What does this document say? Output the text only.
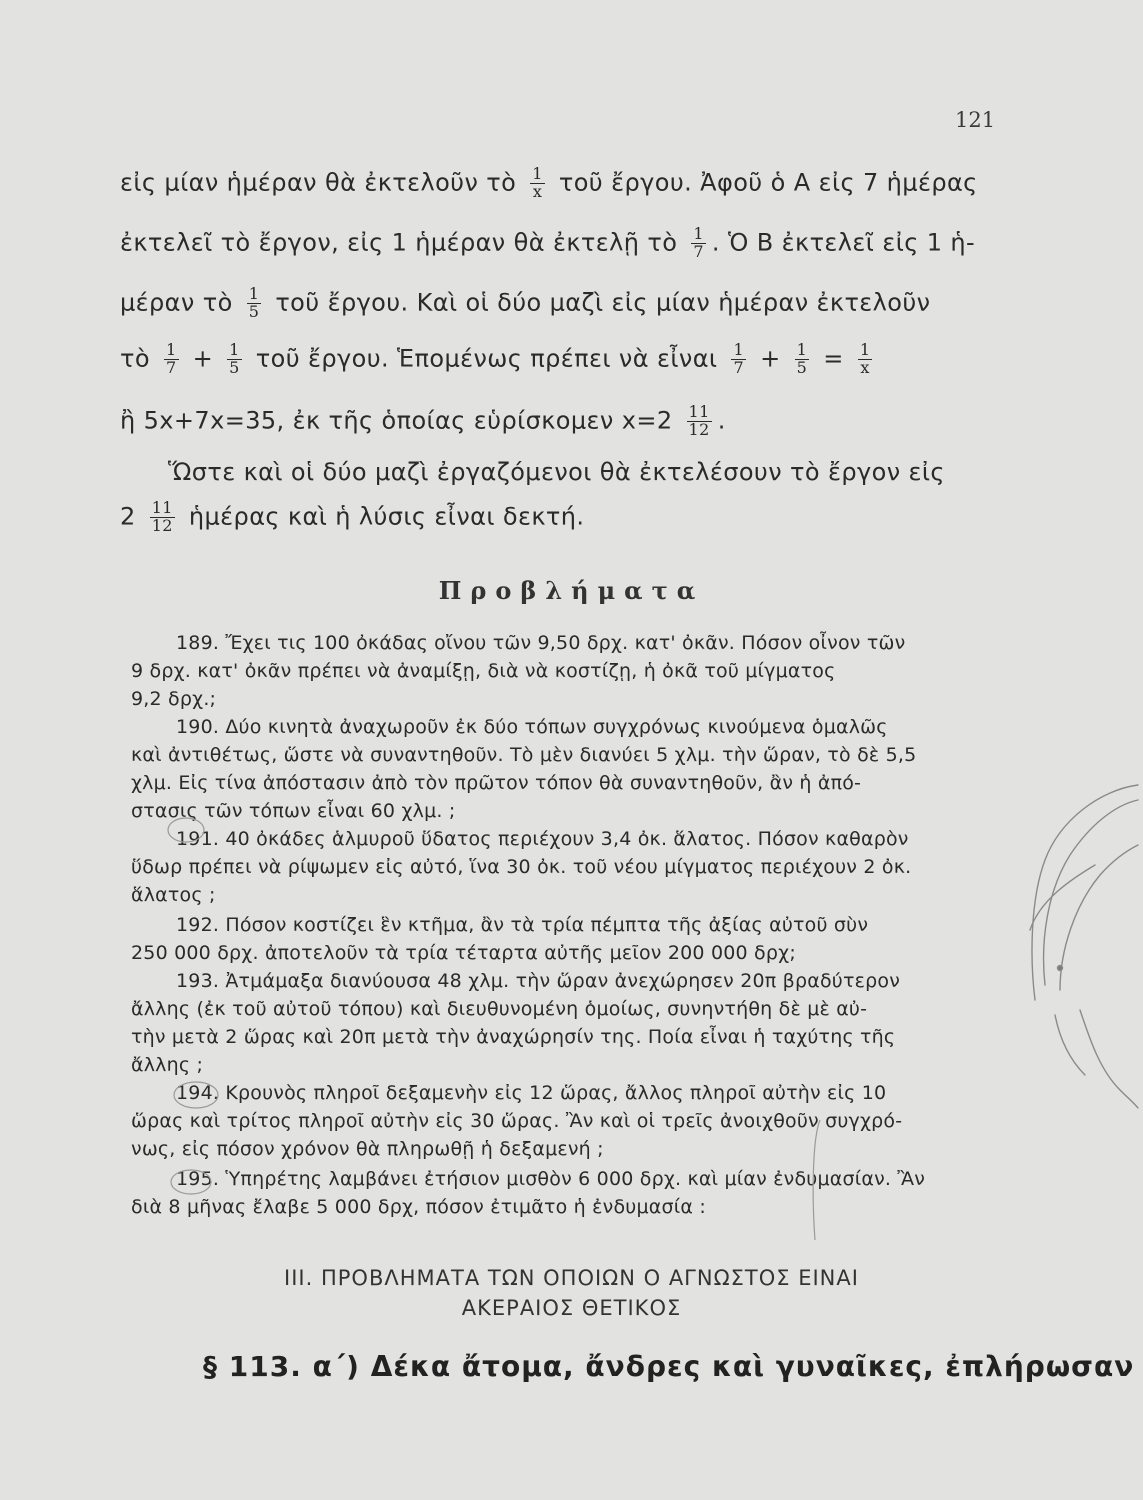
121
εἰς μίαν ἡμέραν θὰ ἐκτελοῦν τὸ $\frac{1}{x}$ τοῦ ἔργου. Ἀφοῦ ὁ Α εἰς 7 ἡμέρας
ἐκτελεῖ τὸ ἔργον, εἰς 1 ἡμέραν θὰ ἐκτελῇ τὸ $\frac{1}{7}$ . Ὁ Β ἐκτελεῖ εἰς 1 ἡ-
μέραν τὸ $\frac{1}{5}$ τοῦ ἔργου. Καὶ οἱ δύο μαζὶ εἰς μίαν ἡμέραν ἐκτελοῦν
τὸ $\frac{1}{7} + \frac{1}{5}$ τοῦ ἔργου. Ἑπομένως πρέπει νὰ εἶναι $\frac{1}{7} + \frac{1}{5} = \frac{1}{x}$
ἢ 5x+7x=35, ἐκ τῆς ὁποίας εὑρίσκομεν $x=2 \frac{11}{12}$ .
Ὥστε καὶ οἱ δύο μαζὶ ἐργαζόμενοι θὰ ἐκτελέσουν τὸ ἔργον εἰς
$2 \frac{11}{12}$ ἡμέρας καὶ ἡ λύσις εἶναι δεκτή.
Προβλήματα
189. Ἔχει τις 100 ὀκάδας οἴνου τῶν 9,50 δρχ. κατ' ὀκᾶν. Πόσον οἶνον τῶν
9 δρχ. κατ' ὀκᾶν πρέπει νὰ ἀναμίξῃ, διὰ νὰ κοστίζῃ, ἡ ὀκᾶ τοῦ μίγματος
9,2 δρχ.;
190. Δύο κινητὰ ἀναχωροῦν ἐκ δύο τόπων συγχρόνως κινούμενα ὁμαλῶς
καὶ ἀντιθέτως, ὥστε νὰ συναντηθοῦν. Τὸ μὲν διανύει 5 χλμ. τὴν ὥραν, τὸ δὲ 5,5
χλμ. Εἰς τίνα ἀπόστασιν ἀπὸ τὸν πρῶτον τόπον θὰ συναντηθοῦν, ἂν ἡ ἀπό-
στασις τῶν τόπων εἶναι 60 χλμ. ;
191. 40 ὀκάδες ἁλμυροῦ ὕδατος περιέχουν 3,4 ὀκ. ἅλατος. Πόσον καθαρὸν
ὕδωρ πρέπει νὰ ρίψωμεν εἰς αὐτό, ἵνα 30 ὀκ. τοῦ νέου μίγματος περιέχουν 2 ὀκ.
ἅλατος ;
192. Πόσον κοστίζει ἓν κτῆμα, ἂν τὰ τρία πέμπτα τῆς ἀξίας αὐτοῦ σὺν
250 000 δρχ. ἀποτελοῦν τὰ τρία τέταρτα αὐτῆς μεῖον 200 000 δρχ;
193. Ἀτμάμαξα διανύουσα 48 χλμ. τὴν ὥραν ἀνεχώρησεν 20π βραδύτερον
ἄλλης (ἐκ τοῦ αὐτοῦ τόπου) καὶ διευθυνομένη ὁμοίως, συνηντήθη δὲ μὲ αὐ-
τὴν μετὰ 2 ὥρας καὶ 20π μετὰ τὴν ἀναχώρησίν της. Ποία εἶναι ἡ ταχύτης τῆς
ἄλλης ;
194. Κρουνὸς πληροῖ δεξαμενὴν εἰς 12 ὥρας, ἄλλος πληροῖ αὐτὴν εἰς 10
ὥρας καὶ τρίτος πληροῖ αὐτὴν εἰς 30 ὥρας. Ἂν καὶ οἱ τρεῖς ἀνοιχθοῦν συγχρό-
νως, εἰς πόσον χρόνον θὰ πληρωθῇ ἡ δεξαμενή ;
195. Ὑπηρέτης λαμβάνει ἐτήσιον μισθὸν 6 000 δρχ. καὶ μίαν ἐνδυμασίαν. Ἂν
διὰ 8 μῆνας ἔλαβε 5 000 δρχ, πόσον ἐτιμᾶτο ἡ ἐνδυμασία :
III. ΠΡΟΒΛΗΜΑΤΑ ΤΩΝ ΟΠΟΙΩΝ Ο ΑΓΝΩΣΤΟΣ ΕΙΝΑΙ
ΑΚΕΡΑΙΟΣ ΘΕΤΙΚΟΣ
§ 113. α΄) Δέκα ἄτομα, ἄνδρες καὶ γυναῖκες, ἐπλήρωσαν
